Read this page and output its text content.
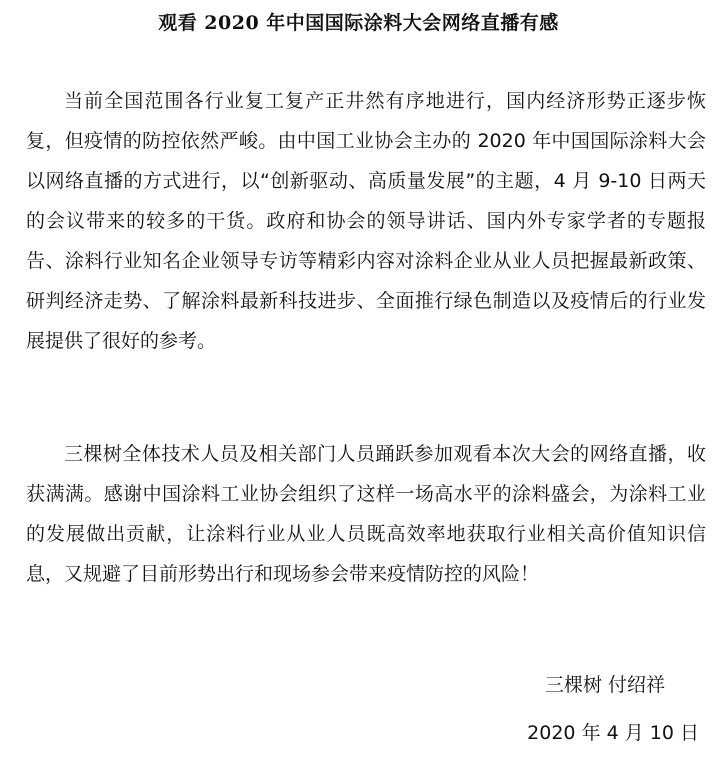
观看 2020 年中国国际涂料大会网络直播有感

当前全国范围各行业复工复产正井然有序地进行，国内经济形势正逐步恢复，但疫情的防控依然严峻。由中国工业协会主办的 2020 年中国国际涂料大会以网络直播的方式进行，以“创新驱动、高质量发展”的主题，4 月 9-10 日两天的会议带来的较多的干货。政府和协会的领导讲话、国内外专家学者的专题报告、涂料行业知名企业领导专访等精彩内容对涂料企业从业人员把握最新政策、研判经济走势、了解涂料最新科技进步、全面推行绿色制造以及疫情后的行业发展提供了很好的参考。

三棵树全体技术人员及相关部门人员踊跃参加观看本次大会的网络直播，收获满满。感谢中国涂料工业协会组织了这样一场高水平的涂料盛会，为涂料工业的发展做出贡献，让涂料行业从业人员既高效率地获取行业相关高价值知识信息，又规避了目前形势出行和现场参会带来疫情防控的风险！

三棵树 付绍祥
2020 年 4 月 10 日
